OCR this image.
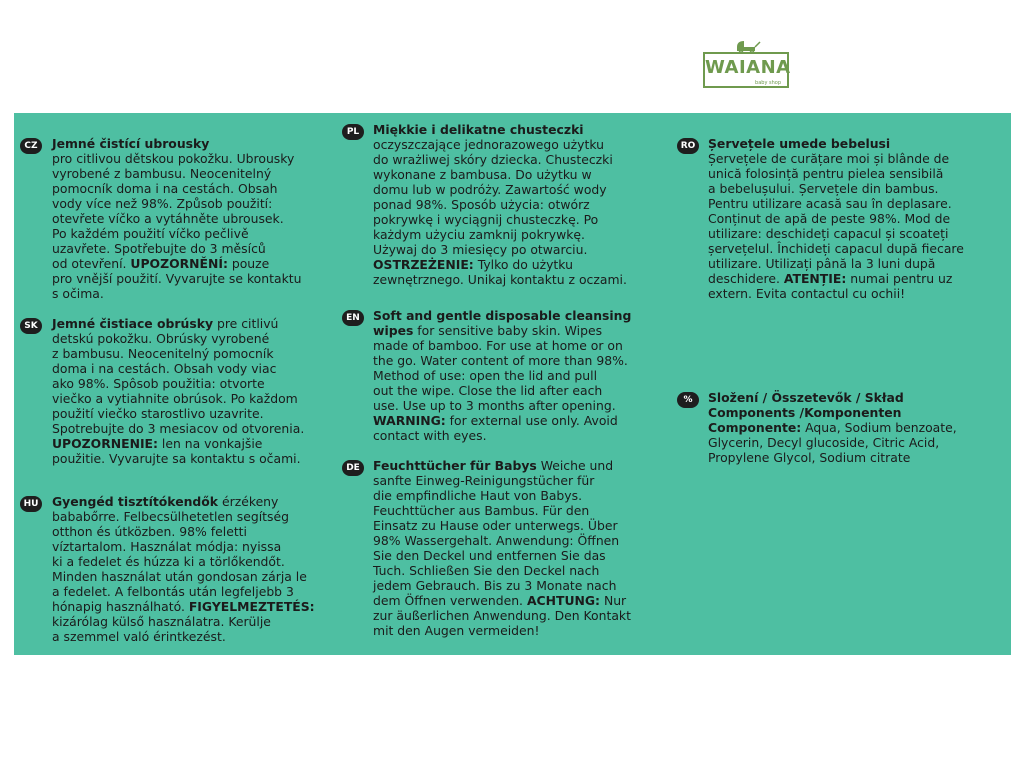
WAIANA
baby shop
CZ	Jemné čistící ubrousky
pro citlivou dětskou pokožku. Ubrousky
vyrobené z bambusu. Neocenitelný
pomocník doma i na cestách. Obsah
vody více než 98%. Způsob použití:
otevřete víčko a vytáhněte ubrousek.
Po každém použití víčko pečlivě
uzavřete. Spotřebujte do 3 měsíců
od otevření. UPOZORNĚNÍ: pouze
pro vnější použití. Vyvarujte se kontaktu
s očima.

SK	Jemné čistiace obrúsky pre citlivú
detskú pokožku. Obrúsky vyrobené
z bambusu. Neocenitelný pomocník
doma i na cestách. Obsah vody viac
ako 98%. Spôsob použitia: otvorte
viečko a vytiahnite obrúsok. Po každom
použití viečko starostlivo uzavrite.
Spotrebujte do 3 mesiacov od otvorenia.
UPOZORNENIE: len na vonkajšie
použitie. Vyvarujte sa kontaktu s očami.

HU Gyengéd tisztítókendők érzékeny
bababőrre. Felbecsülhetetlen segítség
otthon és útközben. 98% feletti
víztartalom. Használat módja: nyissa
ki a fedelet és húzza ki a törlőkendőt.
Minden használat után gondosan zárja le
a fedelet. A felbontás után legfeljebb 3
hónapig használható. FIGYELMEZTETÉS:
kizárólag külső használatra. Kerülje
a szemmel való érintkezést.

PL	Miękkie i delikatne chusteczki
oczyszczające jednorazowego użytku
do wrażliwej skóry dziecka. Chusteczki
wykonane z bambusa. Do użytku w
domu lub w podróży. Zawartość wody
ponad 98%. Sposób użycia: otwórz
pokrywkę i wyciągnij chusteczkę. Po
każdym użyciu zamknij pokrywkę.
Używaj do 3 miesięcy po otwarciu.
OSTRZEŻENIE: Tylko do użytku
zewnętrznego. Unikaj kontaktu z oczami.

EN	Soft and gentle disposable cleansing
wipes for sensitive baby skin. Wipes
made of bamboo. For use at home or on
the go. Water content of more than 98%.
Method of use: open the lid and pull
out the wipe. Close the lid after each
use. Use up to 3 months after opening.
WARNING: for external use only. Avoid
contact with eyes.

DE	Feuchttücher für Babys Weiche und
sanfte Einweg-Reinigungstücher für
die empfindliche Haut von Babys.
Feuchttücher aus Bambus. Für den
Einsatz zu Hause oder unterwegs. Über
98% Wassergehalt. Anwendung: Öffnen
Sie den Deckel und entfernen Sie das
Tuch. Schließen Sie den Deckel nach
jedem Gebrauch. Bis zu 3 Monate nach
dem Öffnen verwenden. ACHTUNG: Nur
zur äußerlichen Anwendung. Den Kontakt
mit den Augen vermeiden!

RO Șervețele umede bebelusi
Șervețele de curățare moi și blânde de
unică folosință pentru pielea sensibilă
a bebelușului. Șervețele din bambus.
Pentru utilizare acasă sau în deplasare.
Conținut de apă de peste 98%. Mod de
utilizare: deschideți capacul și scoateți
șervețelul. Închideți capacul după fiecare
utilizare. Utilizați până la 3 luni după
deschidere. ATENȚIE: numai pentru uz
extern. Evita contactul cu ochii!

%	Složení / Összetevők / Skład
Components /Komponenten
Componente: Aqua, Sodium benzoate,
Glycerin, Decyl glucoside, Citric Acid,
Propylene Glycol, Sodium citrate
